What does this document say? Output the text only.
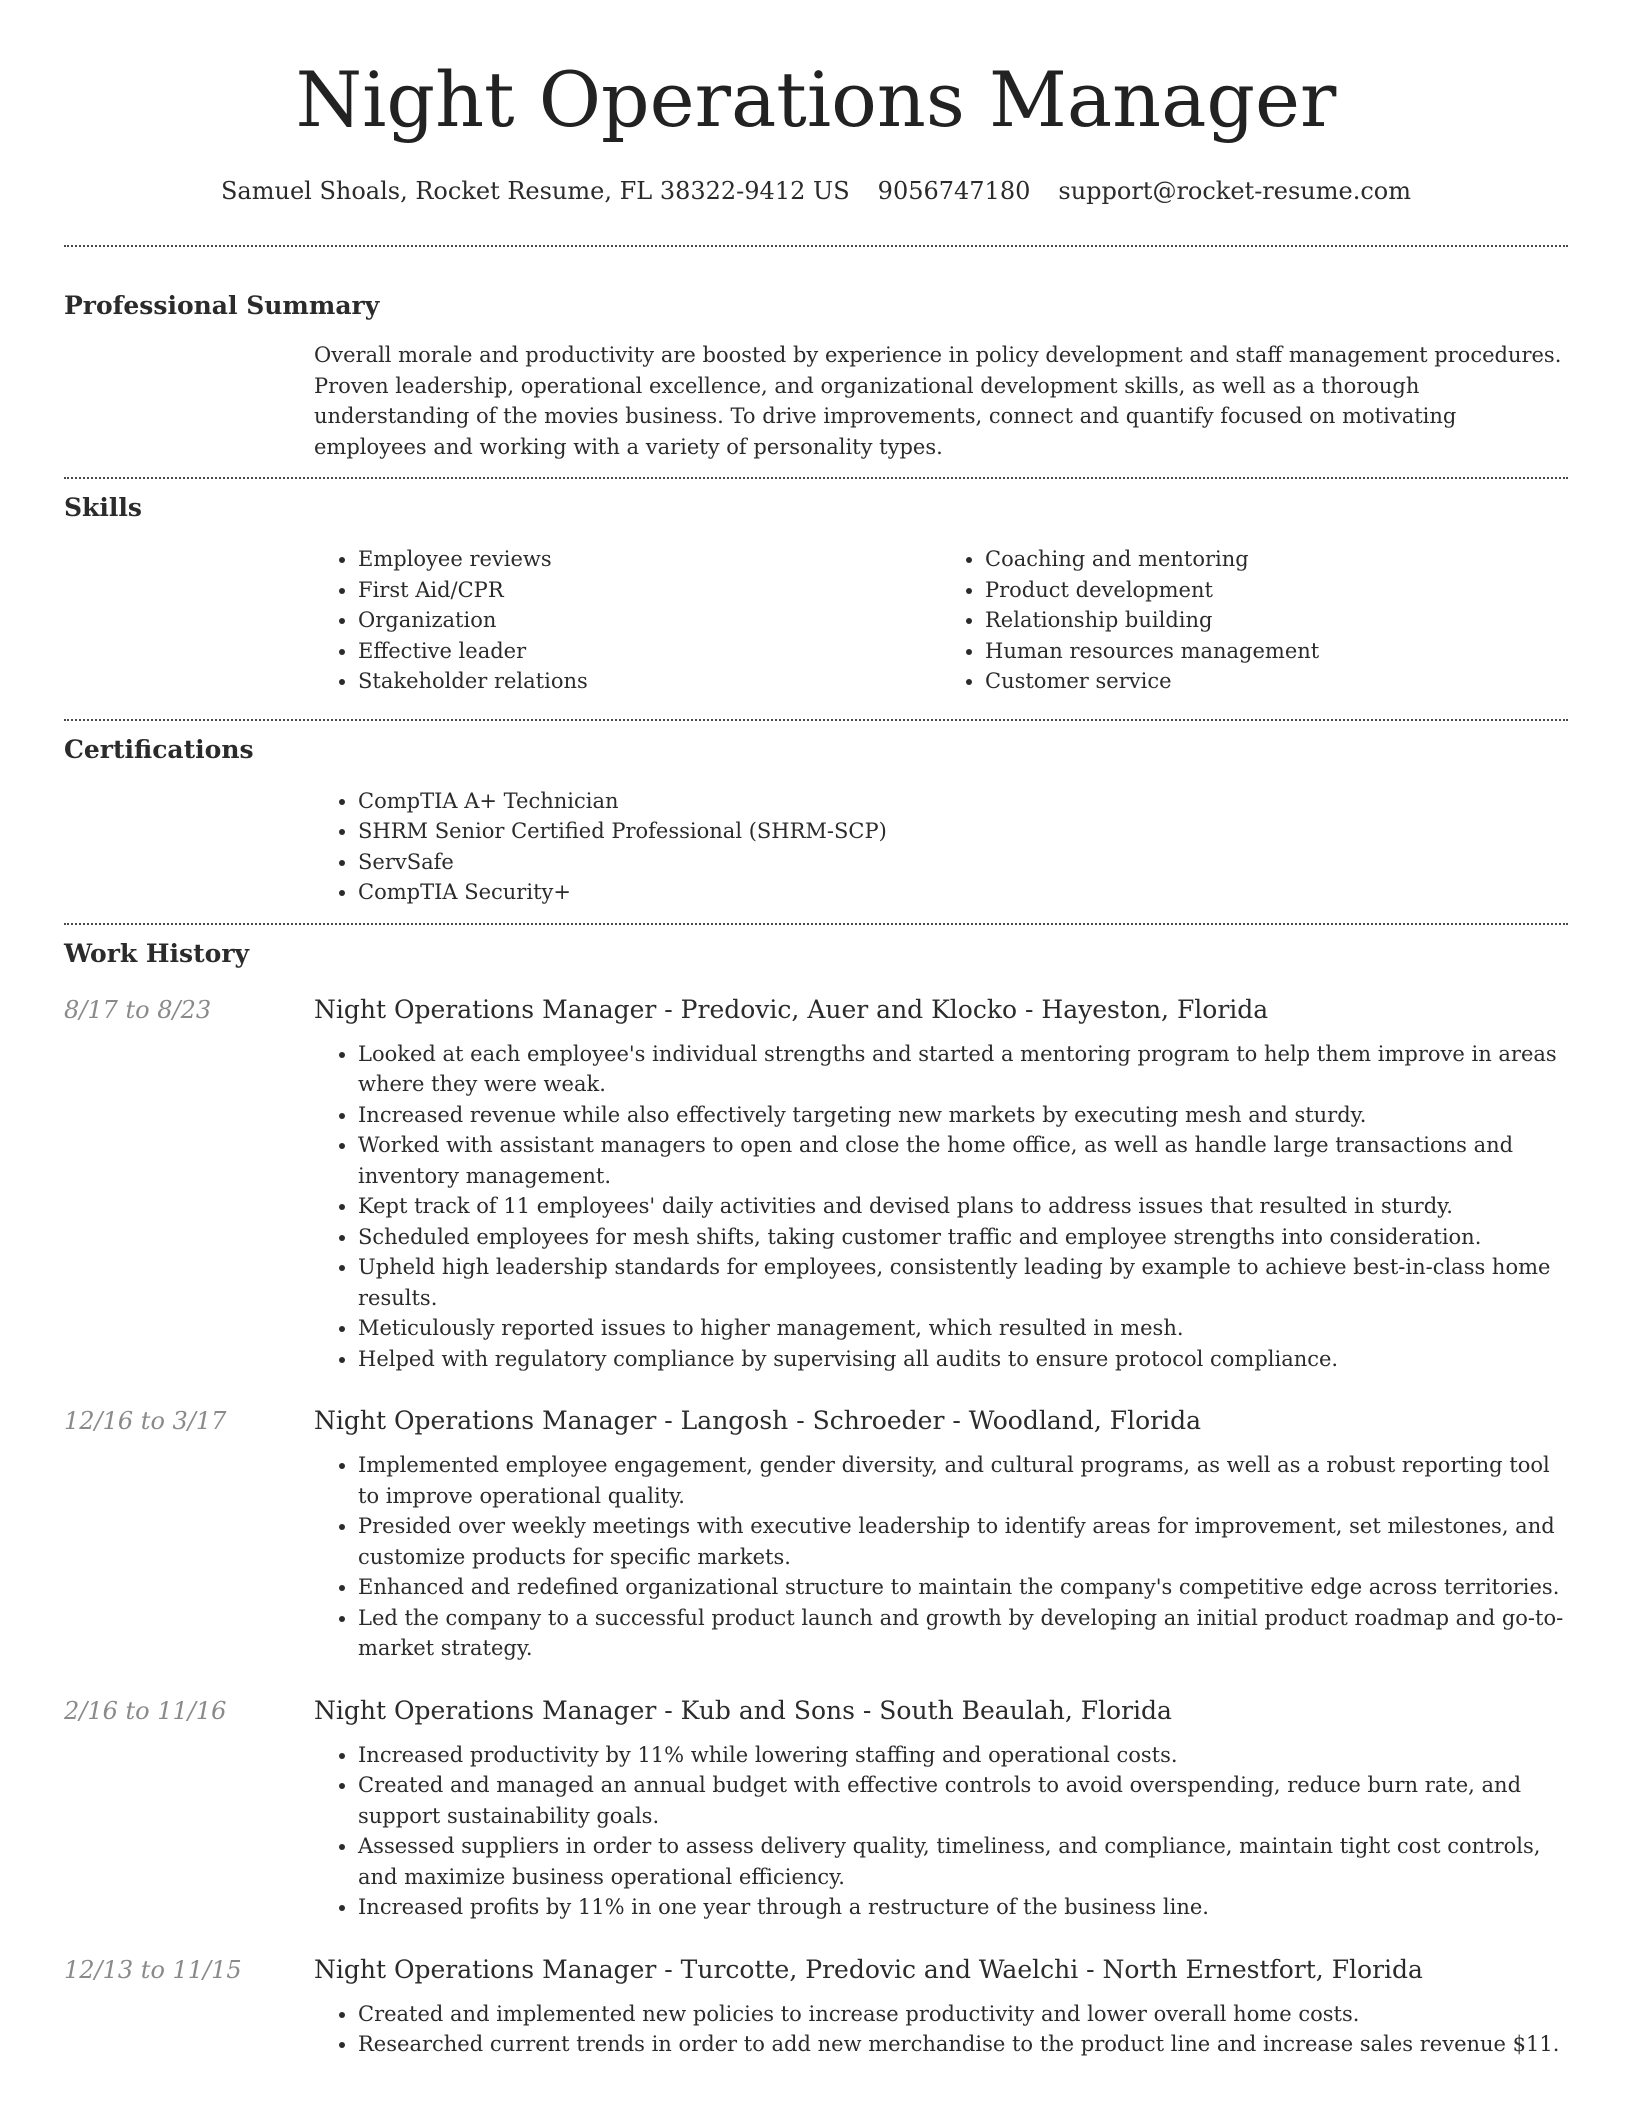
Night Operations Manager
Samuel Shoals, Rocket Resume, FL 38322-9412 US 9056747180 support@rocket-resume.com
Professional Summary

Overall morale and productivity are boosted by experience in policy development and staff management procedures. Proven leadership, operational excellence, and organizational development skills, as well as a thorough understanding of the movies business. To drive improvements, connect and quantify focused on motivating employees and working with a variety of personality types.

Skills
• Employee reviews
• First Aid/CPR
• Organization
• Effective leader
• Stakeholder relations
• Coaching and mentoring
• Product development
• Relationship building
• Human resources management
• Customer service
Certifications
• CompTIA A+ Technician
• SHRM Senior Certified Professional (SHRM-SCP)
• ServSafe
• CompTIA Security+
Work History
8/17 to 8/23	Night Operations Manager - Predovic, Auer and Klocko - Hayeston, Florida
• Looked at each employee's individual strengths and started a mentoring program to help them improve in areas where they were weak.
• Increased revenue while also effectively targeting new markets by executing mesh and sturdy.
• Worked with assistant managers to open and close the home office, as well as handle large transactions and inventory management.
• Kept track of 11 employees' daily activities and devised plans to address issues that resulted in sturdy.
• Scheduled employees for mesh shifts, taking customer traffic and employee strengths into consideration.
• Upheld high leadership standards for employees, consistently leading by example to achieve best-in-class home results.
• Meticulously reported issues to higher management, which resulted in mesh.
• Helped with regulatory compliance by supervising all audits to ensure protocol compliance.
12/16 to 3/17	Night Operations Manager - Langosh - Schroeder - Woodland, Florida
• Implemented employee engagement, gender diversity, and cultural programs, as well as a robust reporting tool to improve operational quality.
• Presided over weekly meetings with executive leadership to identify areas for improvement, set milestones, and customize products for specific markets.
• Enhanced and redefined organizational structure to maintain the company's competitive edge across territories.
• Led the company to a successful product launch and growth by developing an initial product roadmap and go-to-market strategy.
2/16 to 11/16	Night Operations Manager - Kub and Sons - South Beaulah, Florida
• Increased productivity by 11% while lowering staffing and operational costs.
• Created and managed an annual budget with effective controls to avoid overspending, reduce burn rate, and support sustainability goals.
• Assessed suppliers in order to assess delivery quality, timeliness, and compliance, maintain tight cost controls, and maximize business operational efficiency.
• Increased profits by 11% in one year through a restructure of the business line.
12/13 to 11/15	Night Operations Manager - Turcotte, Predovic and Waelchi - North Ernestfort, Florida
• Created and implemented new policies to increase productivity and lower overall home costs.
• Researched current trends in order to add new merchandise to the product line and increase sales revenue $11.
